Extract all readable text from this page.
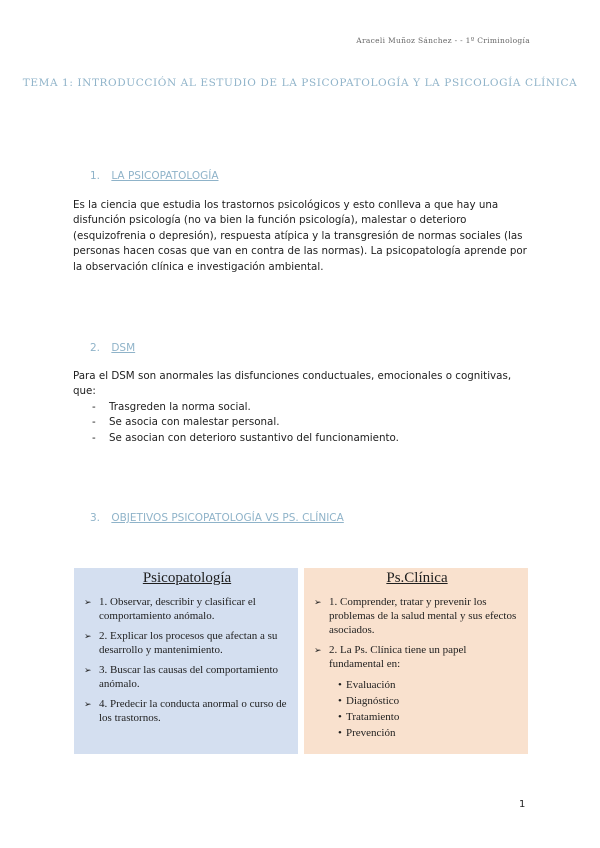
Araceli Muñoz Sánchez - - 1º Criminología
TEMA 1: INTRODUCCIÓN AL ESTUDIO DE LA PSICOPATOLOGÍA Y LA PSICOLOGÍA CLÍNICA
1. LA PSICOPATOLOGÍA
Es la ciencia que estudia los trastornos psicológicos y esto conlleva a que hay una disfunción psicología (no va bien la función psicología), malestar o deterioro (esquizofrenia o depresión), respuesta atípica y la transgresión de normas sociales (las personas hacen cosas que van en contra de las normas). La psicopatología aprende por la observación clínica e investigación ambiental.
2. DSM
Para el DSM son anormales las disfunciones conductuales, emocionales o cognitivas, que:
- Trasgreden la norma social.
- Se asocia con malestar personal.
- Se asocian con deterioro sustantivo del funcionamiento.
3. OBJETIVOS PSICOPATOLOGÍA VS PS. CLÍNICA
Psicopatología
➢ 1. Observar, describir y clasificar el comportamiento anómalo.
➢ 2. Explicar los procesos que afectan a su desarrollo y mantenimiento.
➢ 3. Buscar las causas del comportamiento anómalo.
➢ 4. Predecir la conducta anormal o curso de los trastornos.
Ps.Clínica
➢ 1. Comprender, tratar y prevenir los problemas de la salud mental y sus efectos asociados.
➢ 2. La Ps. Clínica tiene un papel fundamental en:
• Evaluación
• Diagnóstico
• Tratamiento
• Prevención
1
